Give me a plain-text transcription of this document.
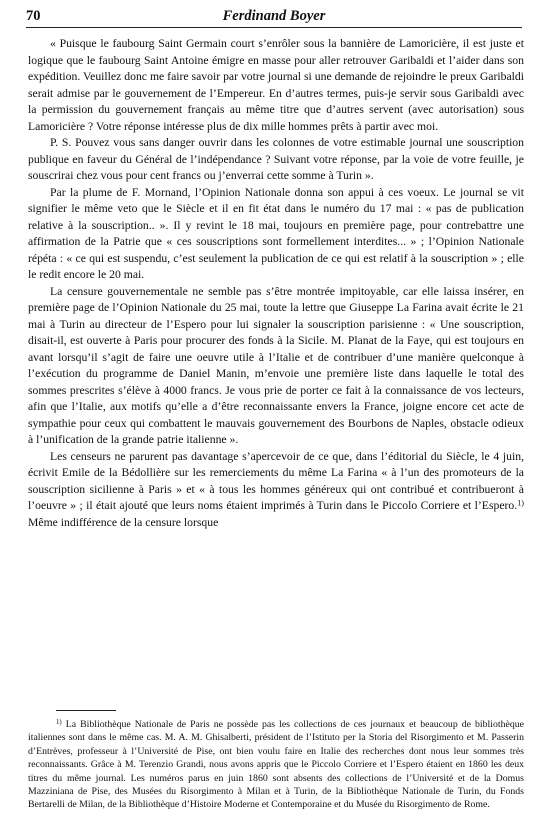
70	Ferdinand Boyer

« Puisque le faubourg Saint Germain court s’enrôler sous la bannière de Lamoricière, il est juste et logique que le faubourg Saint Antoine émigre en masse pour aller retrouver Garibaldi et l’aider dans son expédition. Veuillez donc me faire savoir par votre journal si une demande de rejoindre le preux Garibaldi serait admise par le gouvernement de l’Empereur. En d’autres termes, puis-je servir sous Garibaldi avec la permission du gouvernement français au même titre que d’autres servent (avec autorisation) sous Lamoricière ? Votre réponse intéresse plus de dix mille hommes prêts à partir avec moi.

P. S. Pouvez vous sans danger ouvrir dans les colonnes de votre estimable journal une souscription publique en faveur du Général de l’indépendance ? Suivant votre réponse, par la voie de votre feuille, je souscrirai chez vous pour cent francs ou j’enverrai cette somme à Turin ».

Par la plume de F. Mornand, l’Opinion Nationale donna son appui à ces voeux. Le journal se vit signifier le même veto que le Siècle et il en fit état dans le numéro du 17 mai : « pas de publication relative à la souscription.. ». Il y revint le 18 mai, toujours en première page, pour contrebattre une affirmation de la Patrie que « ces souscriptions sont formellement interdites... » ; l’Opinion Nationale répéta : « ce qui est suspendu, c’est seulement la publication de ce qui est relatif à la souscription » ; elle le redit encore le 20 mai.

La censure gouvernementale ne semble pas s’être montrée impitoyable, car elle laissa insérer, en première page de l’Opinion Nationale du 25 mai, toute la lettre que Giuseppe La Farina avait écrite le 21 mai à Turin au directeur de l’Espero pour lui signaler la souscription parisienne : « Une souscription, disait-il, est ouverte à Paris pour procurer des fonds à la Sicile. M. Planat de la Faye, qui est toujours en avant lorsqu’il s’agit de faire une oeuvre utile à l’Italie et de contribuer d’une manière quelconque à l’exécution du programme de Daniel Manin, m’envoie une première liste dans laquelle le total des sommes prescrites s’élève à 4000 francs. Je vous prie de porter ce fait à la connaissance de vos lecteurs, afin que l’Italie, aux motifs qu’elle a d’être reconnaissante envers la France, joigne encore cet acte de sympathie pour ceux qui combattent le mauvais gouvernement des Bourbons de Naples, obstacle odieux à l’unification de la grande patrie italienne ».

Les censeurs ne parurent pas davantage s’apercevoir de ce que, dans l’éditorial du Siècle, le 4 juin, écrivit Emile de la Bédollière sur les remerciements du même La Farina « à l’un des promoteurs de la souscription sicilienne à Paris » et « à tous les hommes généreux qui ont contribué et contribueront à l’oeuvre » ; il était ajouté que leurs noms étaient imprimés à Turin dans le Piccolo Corriere et l’Espero.$^{1)}$ Même indifférence de la censure lorsque

$^{1)}$ La Bibliothèque Nationale de Paris ne possède pas les collections de ces journaux et beaucoup de bibliothèque italiennes sont dans le même cas. M. A. M. Ghisalberti, président de l’Istituto per la Storia del Risorgimento et M. Passerin d’Entrèves, professeur à l’Université de Pise, ont bien voulu faire en Italie des recherches dont nous leur sommes très reconnaissants. Grâce à M. Terenzio Grandi, nous avons appris que le Piccolo Corriere et l’Espero étaient en 1860 les deux titres du même journal. Les numéros parus en juin 1860 sont absents des collections de l’Université et de la Domus Mazziniana de Pise, des Musées du Risorgimento à Milan et à Turin, de la Bibliothèque Nationale de Turin, du Fonds Bertarelli de Milan, de la Bibliothèque d’Histoire Moderne et Contemporaine et du Musée du Risorgimento de Rome.
